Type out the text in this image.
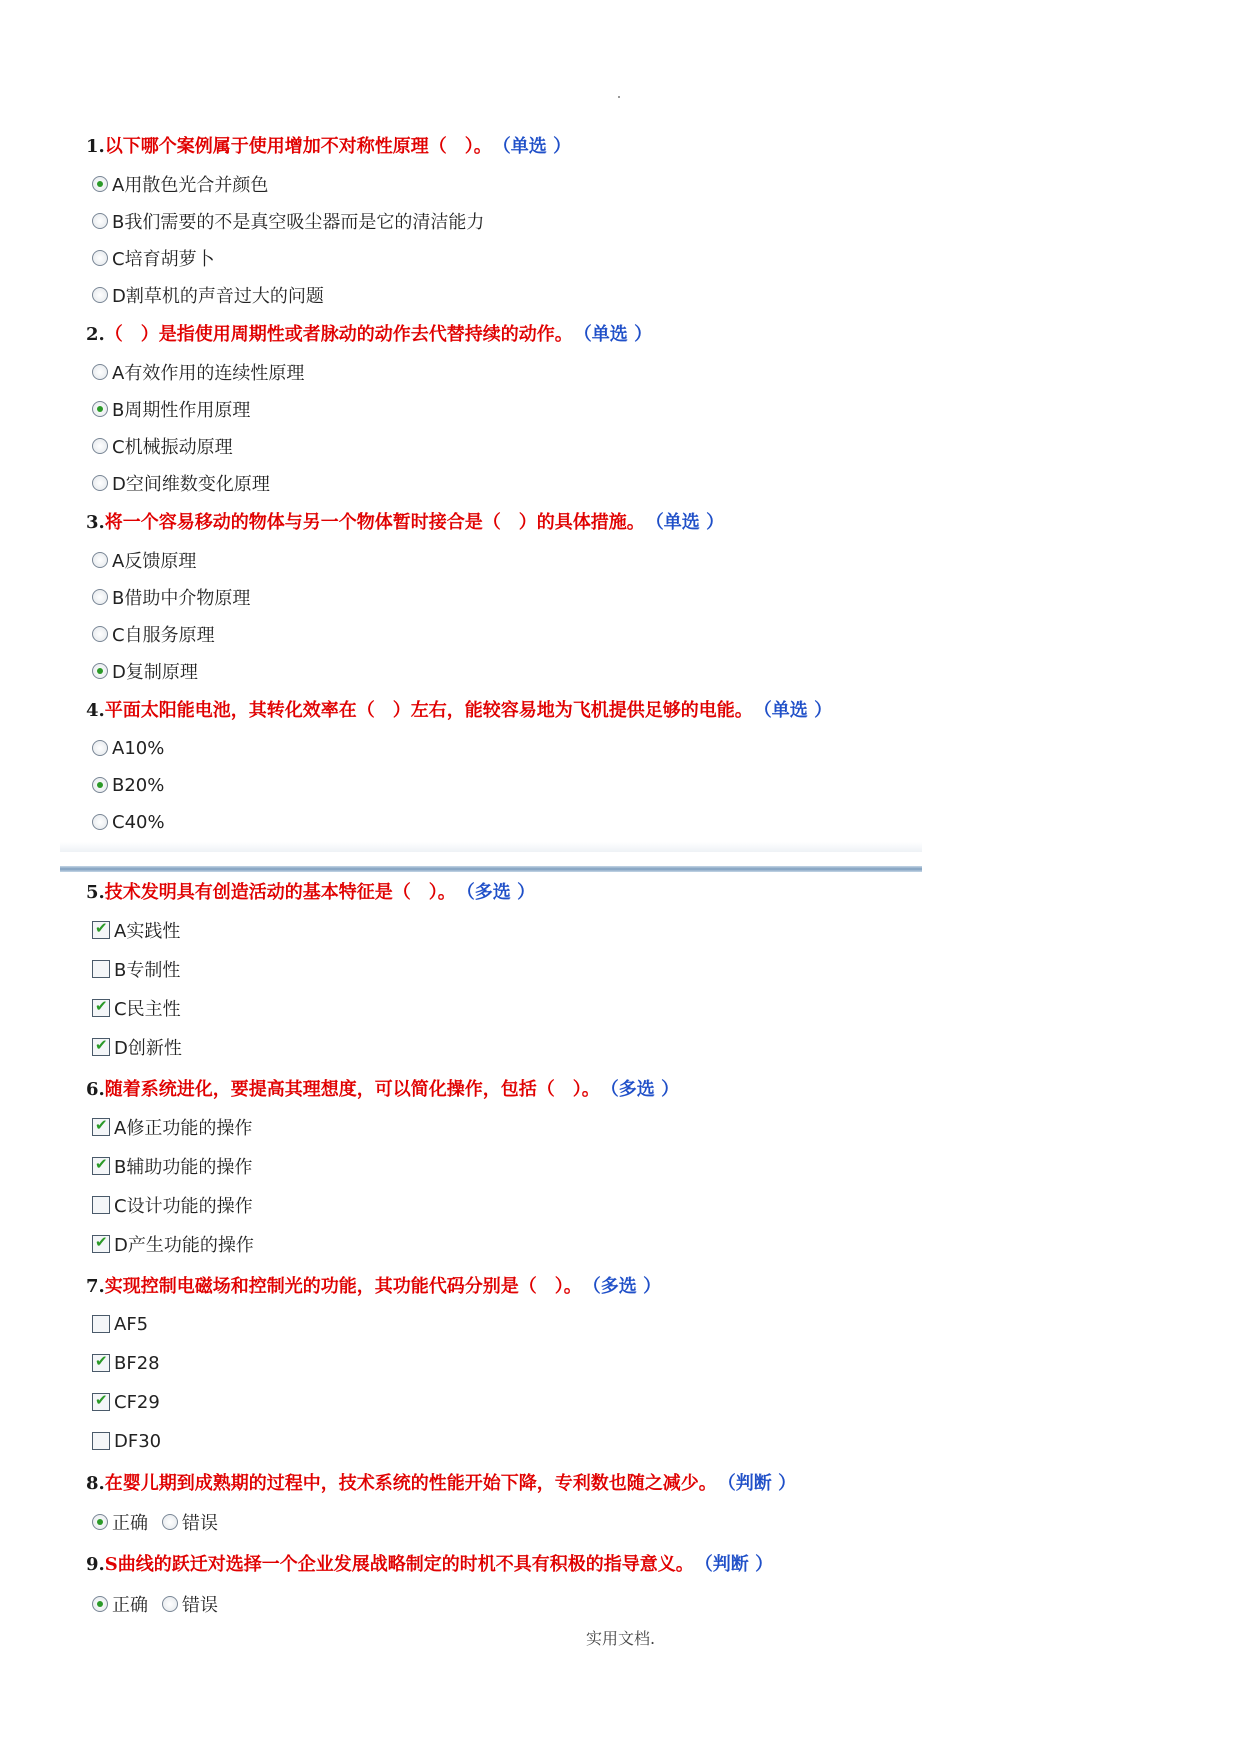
1.以下哪个案例属于使用增加不对称性原理（　）。 （单选 ）
A用散色光合并颜色
B我们需要的不是真空吸尘器而是它的清洁能力
C培育胡萝卜
D割草机的声音过大的问题
2.（　）是指使用周期性或者脉动的动作去代替持续的动作。 （单选 ）
A有效作用的连续性原理
B周期性作用原理
C机械振动原理
D空间维数变化原理
3.将一个容易移动的物体与另一个物体暂时接合是（　）的具体措施。 （单选 ）
A反馈原理
B借助中介物原理
C自服务原理
D复制原理
4.平面太阳能电池，其转化效率在（　）左右，能较容易地为飞机提供足够的电能。 （单选 ）
A10%
B20%
C40%
5.技术发明具有创造活动的基本特征是（　）。 （多选 ）
✔
A实践性
B专制性
✔
C民主性
✔
D创新性
6.随着系统进化，要提高其理想度，可以简化操作，包括（　）。 （多选 ）
✔
A修正功能的操作
✔
B辅助功能的操作
C设计功能的操作
✔
D产生功能的操作
7.实现控制电磁场和控制光的功能，其功能代码分别是（　）。 （多选 ）
AF5
✔
BF28
✔
CF29
DF30
8.在婴儿期到成熟期的过程中，技术系统的性能开始下降，专利数也随之减少。 （判断 ）
正确 错误
9.S曲线的跃迁对选择一个企业发展战略制定的时机不具有积极的指导意义。 （判断 ）
正确 错误
实用文档.
